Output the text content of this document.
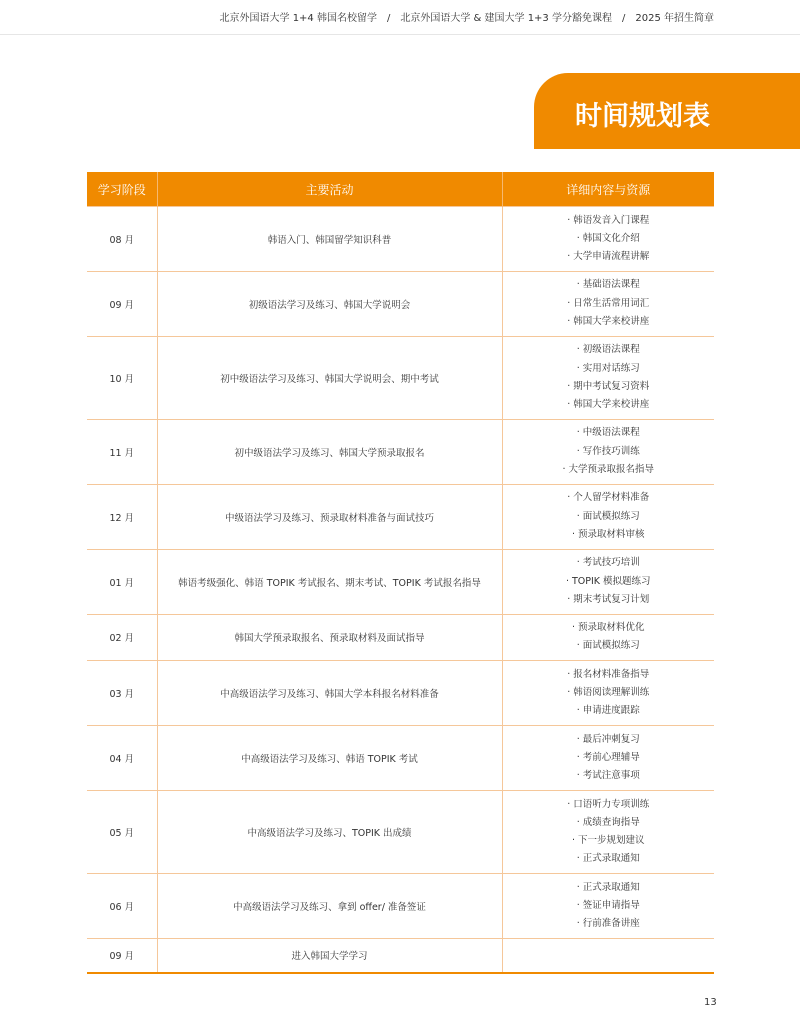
北京外国语大学 1+4 韩国名校留学 / 北京外国语大学 & 建国大学 1+3 学分豁免课程 / 2025 年招生简章
时间规划表
学习阶段	主要活动	详细内容与资源
08 月	韩语入门、韩国留学知识科普	· 韩语发音入门课程
· 韩国文化介绍
· 大学申请流程讲解

09 月	初级语法学习及练习、韩国大学说明会	· 基础语法课程
· 日常生活常用词汇
· 韩国大学来校讲座

10 月	初中级语法学习及练习、韩国大学说明会、期中考试	· 初级语法课程
· 实用对话练习
· 期中考试复习资料
· 韩国大学来校讲座

11 月	初中级语法学习及练习、韩国大学预录取报名	· 中级语法课程
· 写作技巧训练
· 大学预录取报名指导

12 月	中级语法学习及练习、预录取材料准备与面试技巧	· 个人留学材料准备
· 面试模拟练习
· 预录取材料审核

01 月	韩语考级强化、韩语 TOPIK 考试报名、期末考试、TOPIK 考试报名指导	· 考试技巧培训
· TOPIK 模拟题练习
· 期末考试复习计划

02 月	韩国大学预录取报名、预录取材料及面试指导	· 预录取材料优化
· 面试模拟练习

03 月	中高级语法学习及练习、韩国大学本科报名材料准备	· 报名材料准备指导
· 韩语阅读理解训练
· 申请进度跟踪

04 月	中高级语法学习及练习、韩语 TOPIK 考试	· 最后冲刺复习
· 考前心理辅导
· 考试注意事项

05 月	中高级语法学习及练习、TOPIK 出成绩	· 口语听力专项训练
· 成绩查询指导
· 下一步规划建议
· 正式录取通知

06 月	中高级语法学习及练习、拿到 offer/ 准备签证	· 正式录取通知
· 签证申请指导
· 行前准备讲座

09 月	进入韩国大学学习	
13
